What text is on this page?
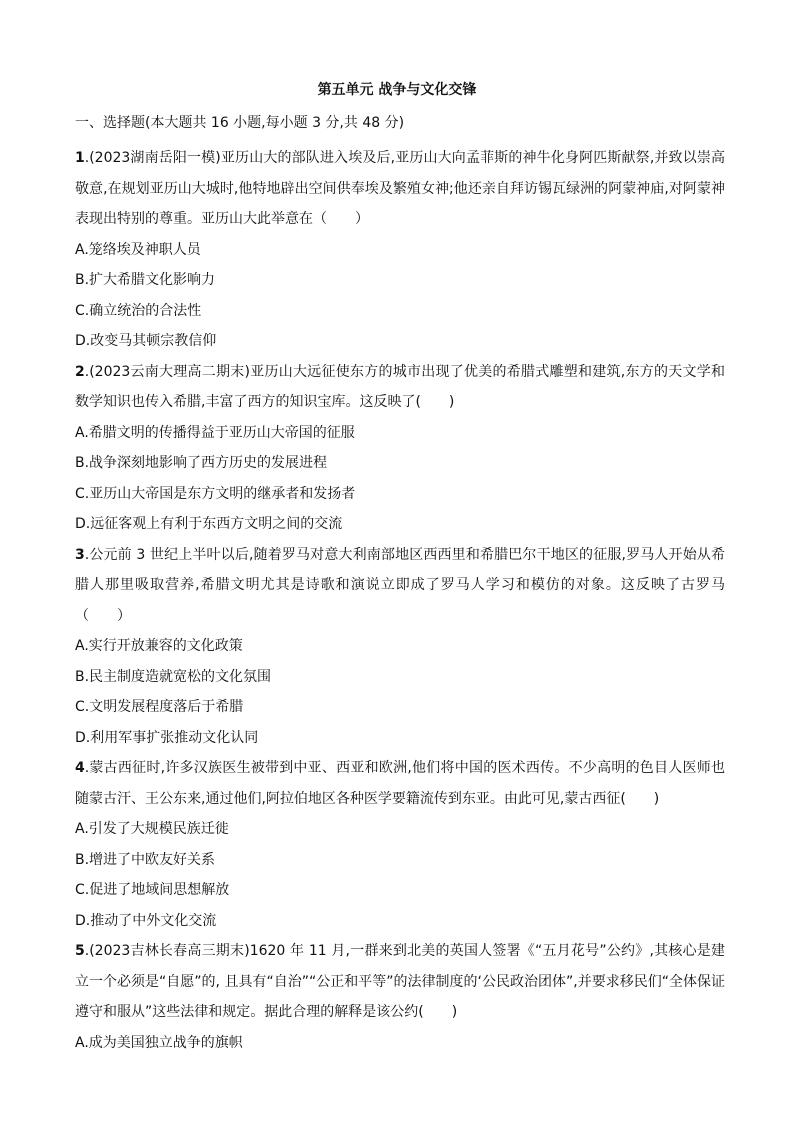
第五单元 战争与文化交锋
一、选择题(本大题共 16 小题,每小题 3 分,共 48 分)

1.(2023湖南岳阳一模)亚历山大的部队进入埃及后,亚历山大向孟菲斯的神牛化身阿匹斯献祭,并致以崇高敬意,在规划亚历山大城时,他特地辟出空间供奉埃及繁殖女神;他还亲自拜访锡瓦绿洲的阿蒙神庙,对阿蒙神表现出特别的尊重。亚历山大此举意在（　　）

A.笼络埃及神职人员

B.扩大希腊文化影响力

C.确立统治的合法性

D.改变马其顿宗教信仰

2.(2023云南大理高二期末)亚历山大远征使东方的城市出现了优美的希腊式雕塑和建筑,东方的天文学和数学知识也传入希腊,丰富了西方的知识宝库。这反映了(　　)

A.希腊文明的传播得益于亚历山大帝国的征服

B.战争深刻地影响了西方历史的发展进程

C.亚历山大帝国是东方文明的继承者和发扬者

D.远征客观上有利于东西方文明之间的交流

3.公元前 3 世纪上半叶以后,随着罗马对意大利南部地区西西里和希腊巴尔干地区的征服,罗马人开始从希腊人那里吸取营养,希腊文明尤其是诗歌和演说立即成了罗马人学习和模仿的对象。这反映了古罗马（　　）

A.实行开放兼容的文化政策

B.民主制度造就宽松的文化氛围

C.文明发展程度落后于希腊

D.利用军事扩张推动文化认同

4.蒙古西征时,许多汉族医生被带到中亚、西亚和欧洲,他们将中国的医术西传。不少高明的色目人医师也随蒙古汗、王公东来,通过他们,阿拉伯地区各种医学要籍流传到东亚。由此可见,蒙古西征(　　)

A.引发了大规模民族迁徙

B.增进了中欧友好关系

C.促进了地域间思想解放

D.推动了中外文化交流

5.(2023吉林长春高三期末)1620 年 11 月,一群来到北美的英国人签署《“五月花号”公约》,其核心是建立一个必须是“自愿”的, 且具有“自治”“公正和平等”的法律制度的‘公民政治团体”,并要求移民们“全体保证遵守和服从”这些法律和规定。据此合理的解释是该公约(　　)

A.成为美国独立战争的旗帜
